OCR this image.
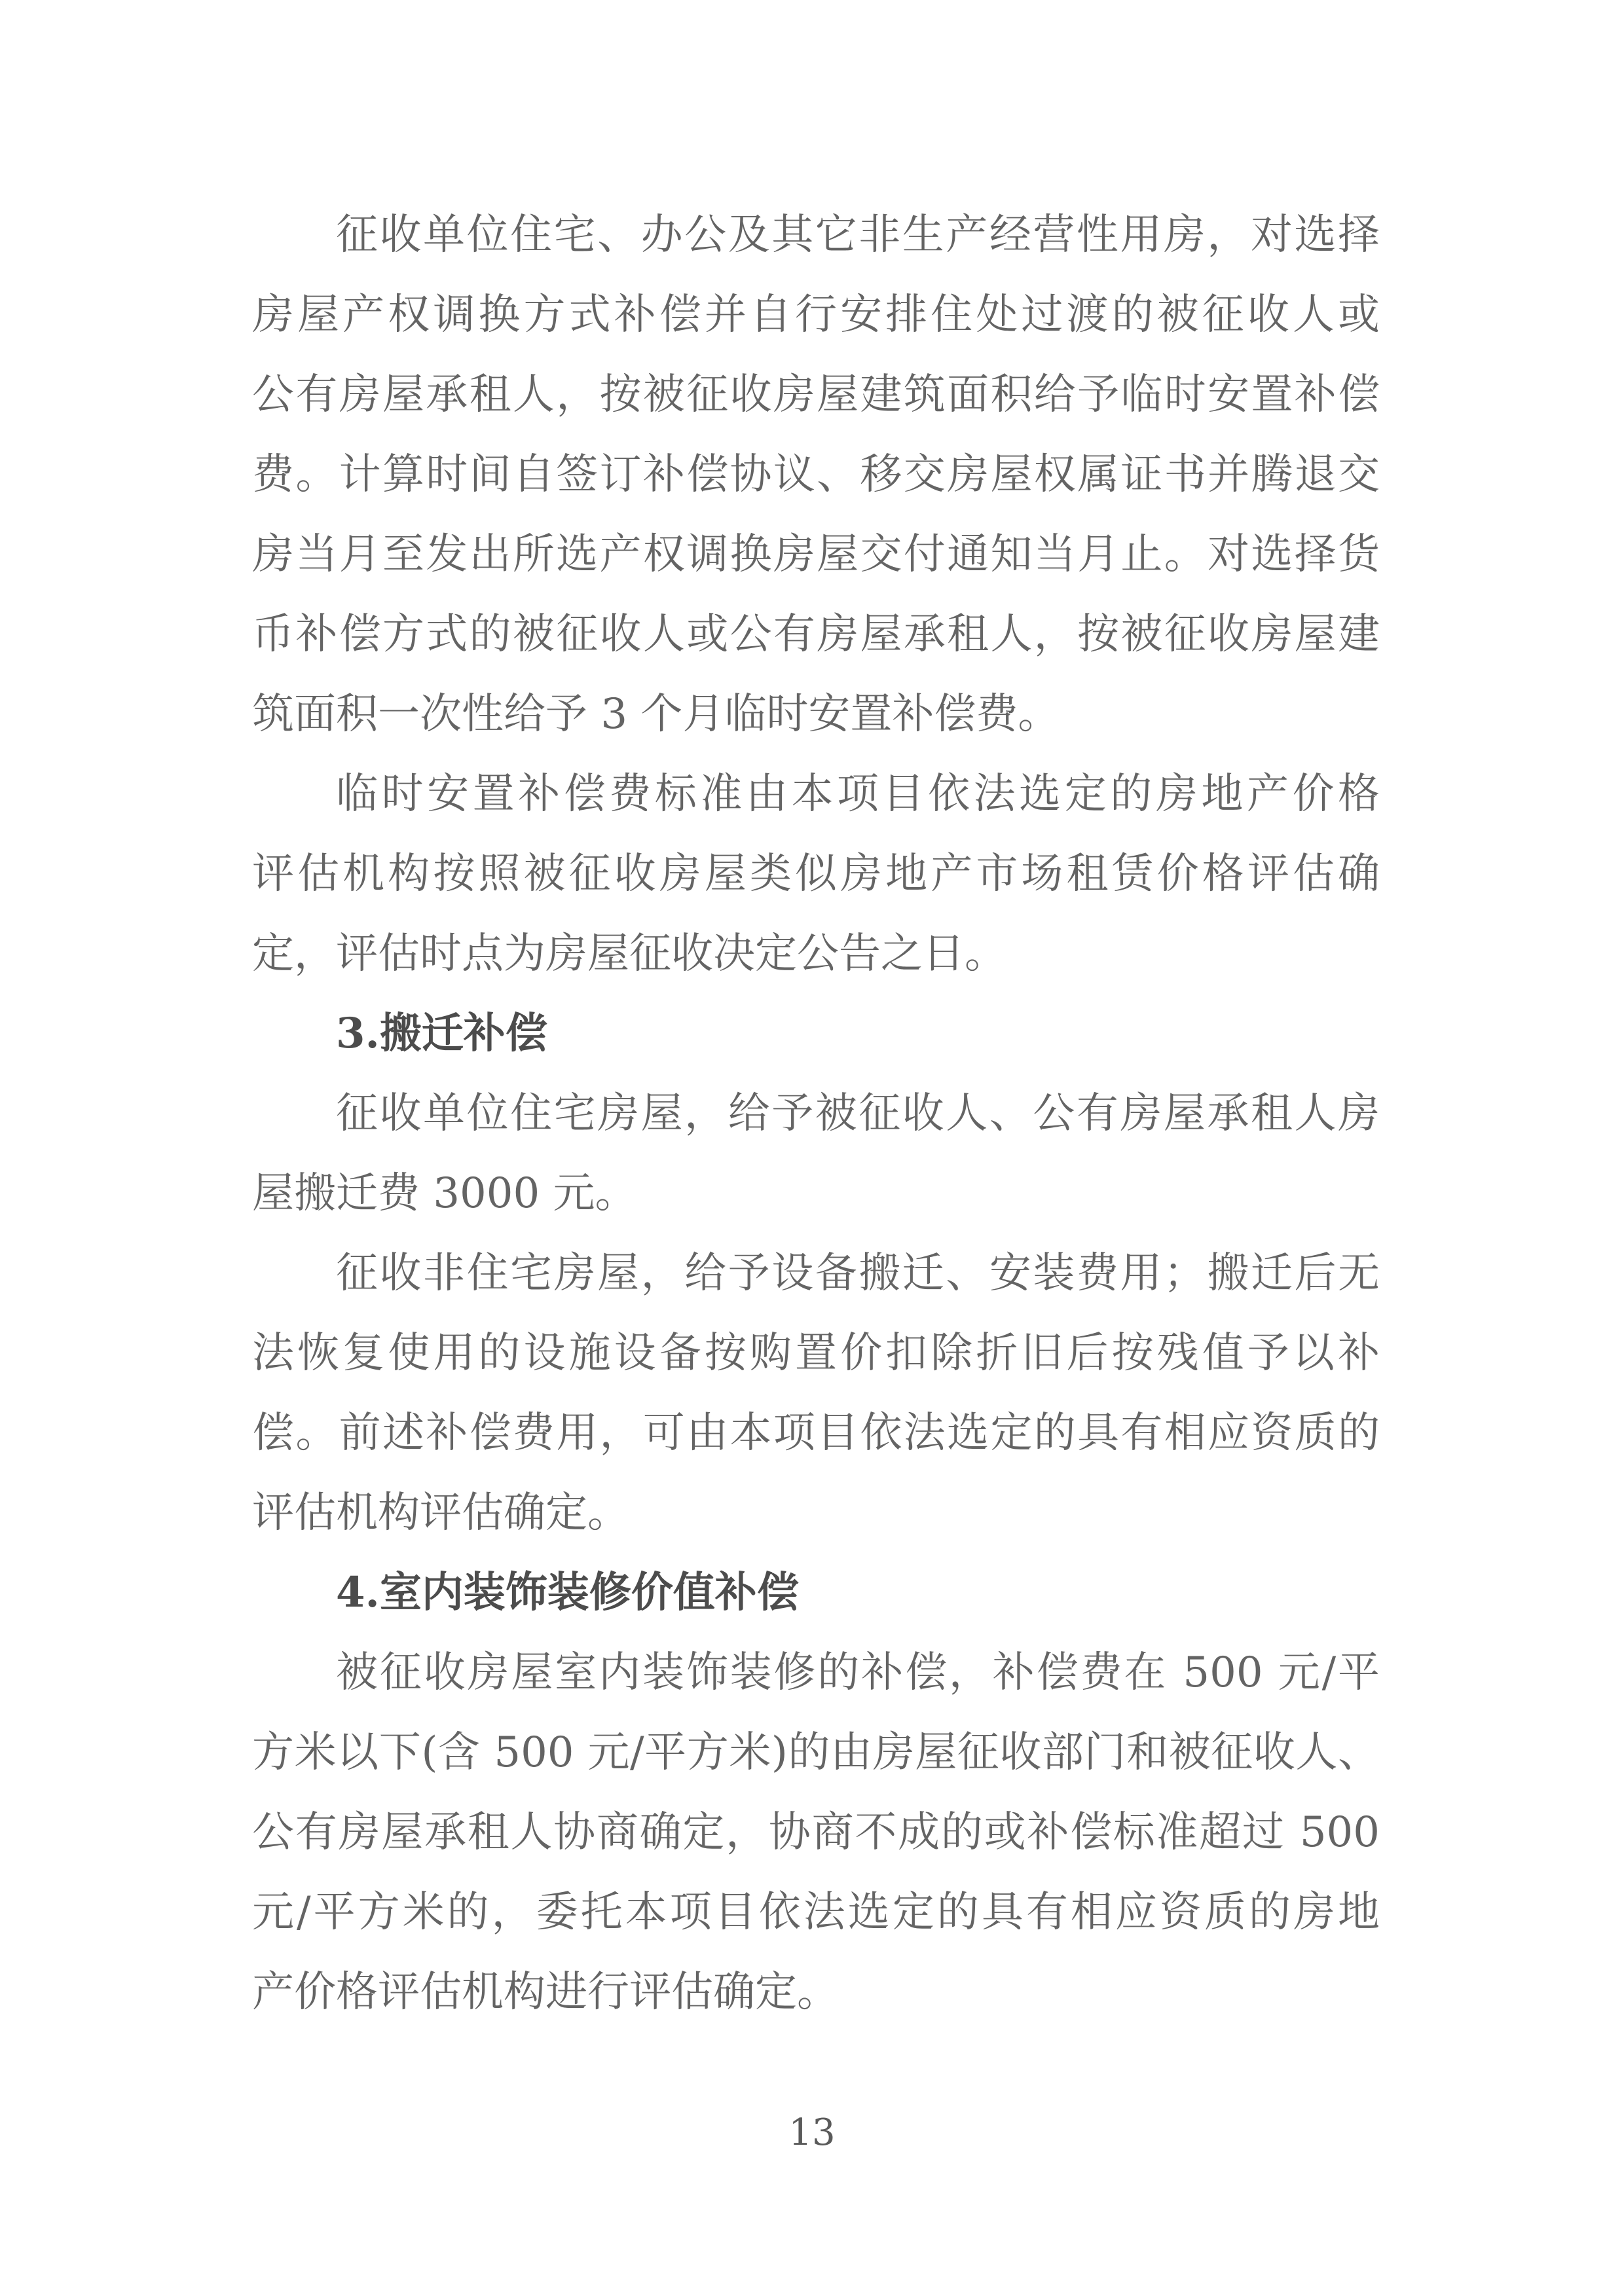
征收单位住宅、办公及其它非生产经营性用房，对选择
房屋产权调换方式补偿并自行安排住处过渡的被征收人或
公有房屋承租人，按被征收房屋建筑面积给予临时安置补偿
费。计算时间自签订补偿协议、移交房屋权属证书并腾退交
房当月至发出所选产权调换房屋交付通知当月止。对选择货
币补偿方式的被征收人或公有房屋承租人，按被征收房屋建
筑面积一次性给予 3 个月临时安置补偿费。
临时安置补偿费标准由本项目依法选定的房地产价格
评估机构按照被征收房屋类似房地产市场租赁价格评估确
定，评估时点为房屋征收决定公告之日。
3.搬迁补偿
征收单位住宅房屋，给予被征收人、公有房屋承租人房
屋搬迁费 3000 元。
征收非住宅房屋，给予设备搬迁、安装费用；搬迁后无
法恢复使用的设施设备按购置价扣除折旧后按残值予以补
偿。前述补偿费用，可由本项目依法选定的具有相应资质的
评估机构评估确定。
4.室内装饰装修价值补偿
被征收房屋室内装饰装修的补偿，补偿费在 500 元/平
方米以下(含 500 元/平方米)的由房屋征收部门和被征收人、
公有房屋承租人协商确定，协商不成的或补偿标准超过 500
元/平方米的，委托本项目依法选定的具有相应资质的房地
产价格评估机构进行评估确定。
13
